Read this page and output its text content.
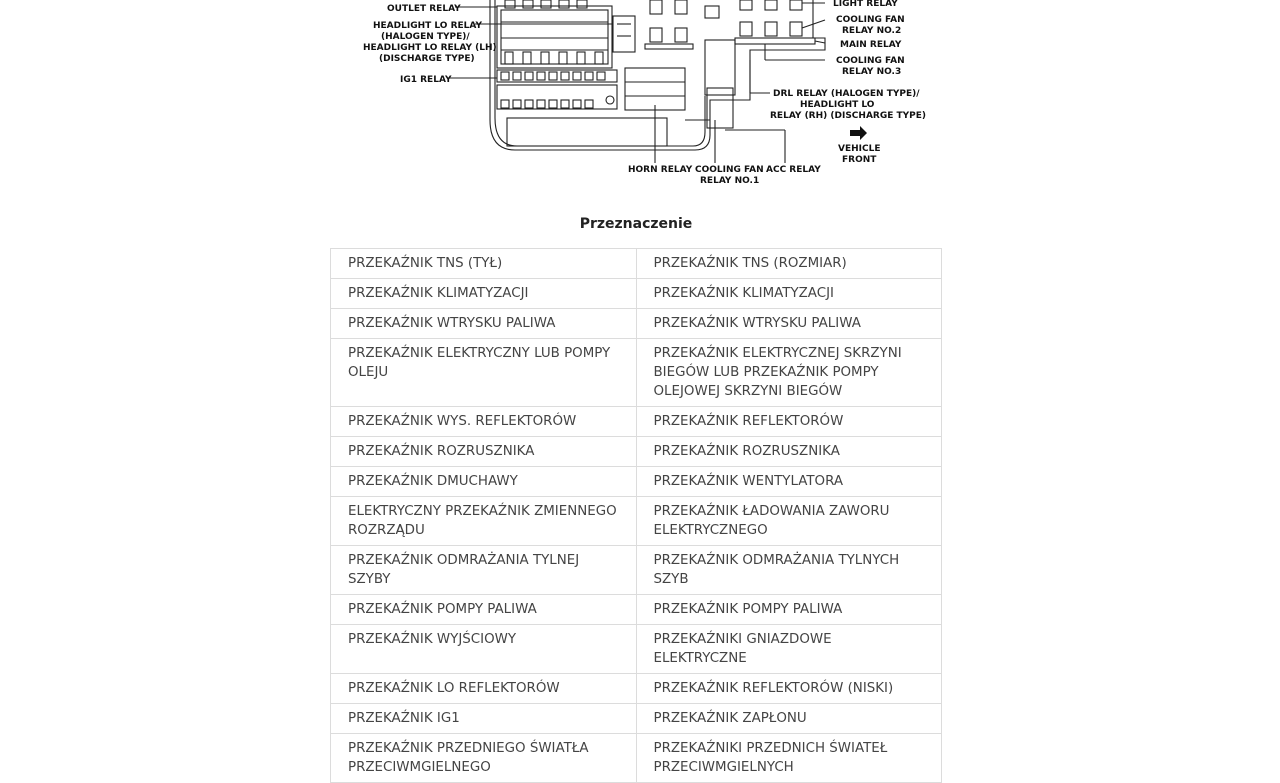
OUTLET RELAY
HEADLIGHT LO RELAY
(HALOGEN TYPE)/
HEADLIGHT LO RELAY (LH)
(DISCHARGE TYPE)
IG1 RELAY
LIGHT RELAY
COOLING FAN
RELAY NO.2
MAIN RELAY
COOLING FAN
RELAY NO.3
DRL RELAY (HALOGEN TYPE)/
HEADLIGHT LO
RELAY (RH) (DISCHARGE TYPE)
VEHICLE
FRONT
HORN RELAY COOLING FAN
RELAY NO.1
ACC RELAY
Przeznaczenie
PRZEKAŹNIK TNS (TYŁ)	PRZEKAŹNIK TNS (ROZMIAR)
PRZEKAŹNIK KLIMATYZACJI	PRZEKAŹNIK KLIMATYZACJI
PRZEKAŹNIK WTRYSKU PALIWA	PRZEKAŹNIK WTRYSKU PALIWA
PRZEKAŹNIK ELEKTRYCZNY LUB POMPY OLEJU	PRZEKAŹNIK ELEKTRYCZNEJ SKRZYNI BIEGÓW LUB PRZEKAŹNIK POMPY OLEJOWEJ SKRZYNI BIEGÓW
PRZEKAŹNIK WYS. REFLEKTORÓW	PRZEKAŹNIK REFLEKTORÓW
PRZEKAŹNIK ROZRUSZNIKA	PRZEKAŹNIK ROZRUSZNIKA
PRZEKAŹNIK DMUCHAWY	PRZEKAŹNIK WENTYLATORA
ELEKTRYCZNY PRZEKAŹNIK ZMIENNEGO ROZRZĄDU	PRZEKAŹNIK ŁADOWANIA ZAWORU ELEKTRYCZNEGO
PRZEKAŹNIK ODMRAŻANIA TYLNEJ SZYBY	PRZEKAŹNIK ODMRAŻANIA TYLNYCH SZYB
PRZEKAŹNIK POMPY PALIWA	PRZEKAŹNIK POMPY PALIWA
PRZEKAŹNIK WYJŚCIOWY	PRZEKAŹNIKI GNIAZDOWE ELEKTRYCZNE
PRZEKAŹNIK LO REFLEKTORÓW	PRZEKAŹNIK REFLEKTORÓW (NISKI)
PRZEKAŹNIK IG1	PRZEKAŹNIK ZAPŁONU
PRZEKAŹNIK PRZEDNIEGO ŚWIATŁA PRZECIWMGIELNEGO	PRZEKAŹNIKI PRZEDNICH ŚWIATEŁ PRZECIWMGIELNYCH
